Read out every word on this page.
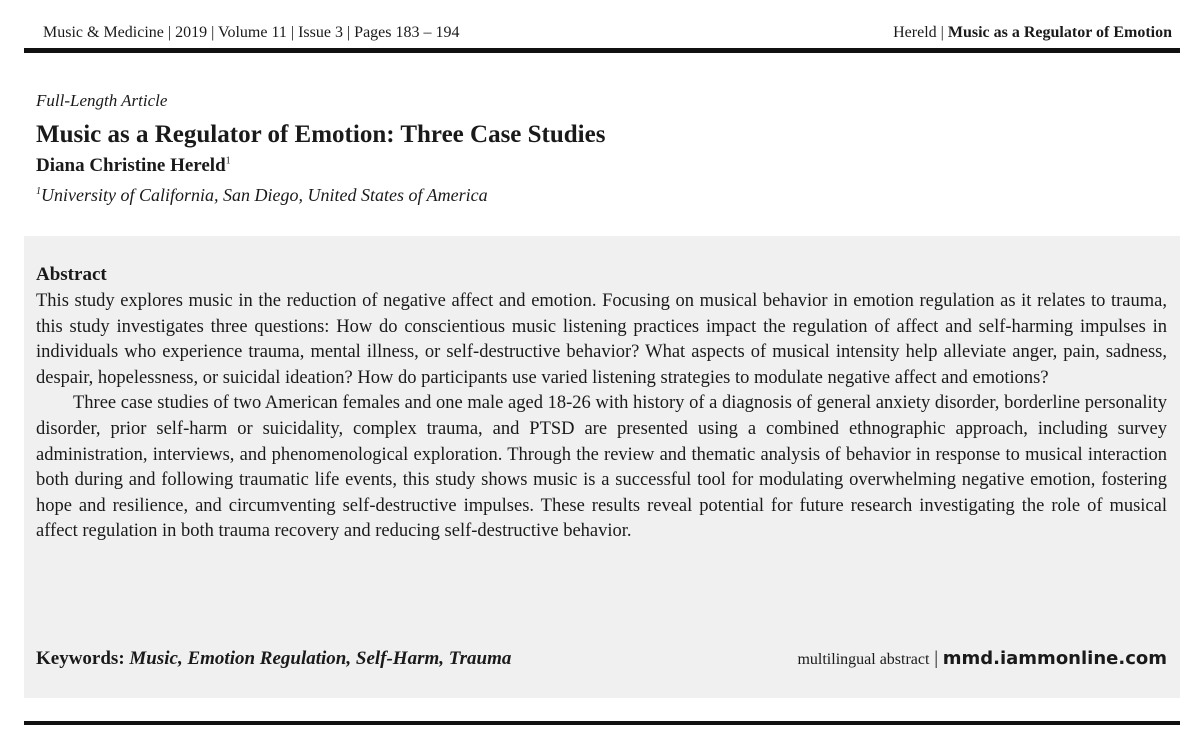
Music & Medicine | 2019 | Volume 11 | Issue 3 | Pages 183 – 194	Hereld | Music as a Regulator of Emotion
Full-Length Article
Music as a Regulator of Emotion: Three Case Studies
Diana Christine Hereld$^1$
$^1$University of California, San Diego, United States of America
Abstract

This study explores music in the reduction of negative affect and emotion. Focusing on musical behavior in emotion regulation as it relates to trauma, this study investigates three questions: How do conscientious music listening practices impact the regulation of affect and self-harming impulses in individuals who experience trauma, mental illness, or self-destructive behavior? What aspects of musical intensity help alleviate anger, pain, sadness, despair, hopelessness, or suicidal ideation? How do participants use varied listening strategies to modulate negative affect and emotions?

Three case studies of two American females and one male aged 18-26 with history of a diagnosis of general anxiety disorder, borderline personality disorder, prior self-harm or suicidality, complex trauma, and PTSD are presented using a combined ethnographic approach, including survey administration, interviews, and phenomenological exploration. Through the review and thematic analysis of behavior in response to musical interaction both during and following traumatic life events, this study shows music is a successful tool for modulating overwhelming negative emotion, fostering hope and resilience, and circumventing self-destructive impulses. These results reveal potential for future research investigating the role of musical affect regulation in both trauma recovery and reducing self-destructive behavior.

Keywords: Music, Emotion Regulation, Self-Harm, Trauma	multilingual abstract | mmd.iammonline.com
